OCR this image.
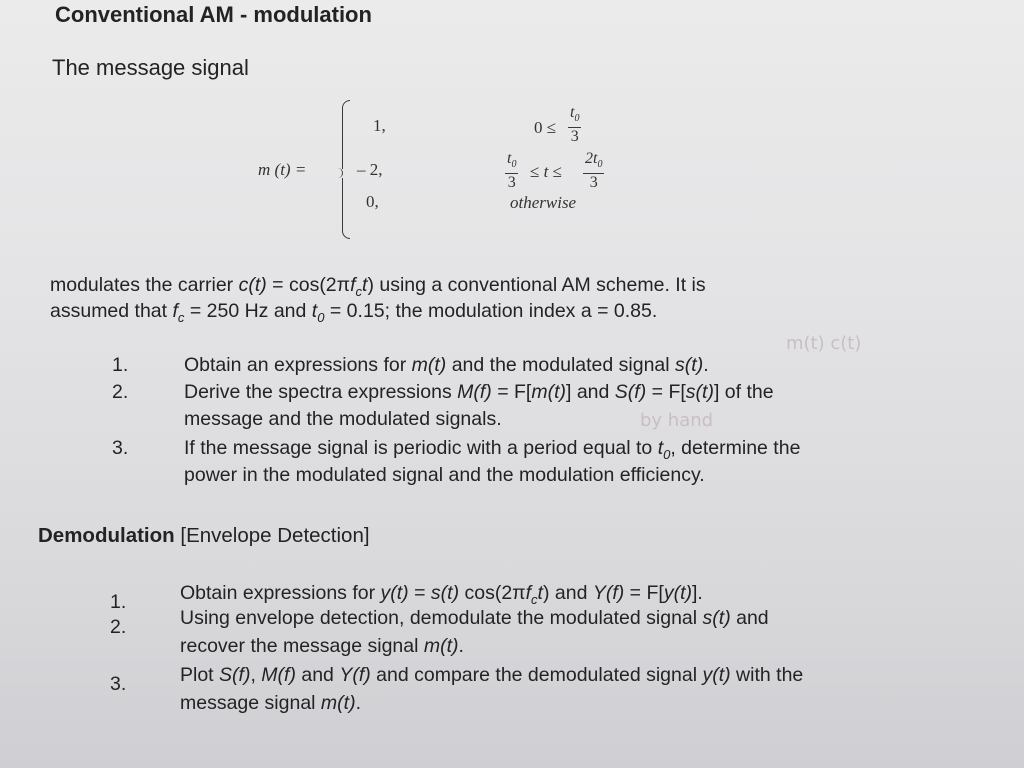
Conventional AM - modulation
The message signal
m (t) =
1,
– 2,
0,
$0 \le \frac{t_0}{3}$
$\frac{t_0}{3} \le t \le \frac{2t_0}{3}$
otherwise
modulates the carrier $c(t) = \cos(2\pi f_ct)$ using a conventional AM scheme. It is
assumed that $f_c = 250$ Hz and $t_0 = 0.15$; the modulation index a = 0.85.
1.	Obtain an expressions for m(t) and the modulated signal s(t).
2.	Derive the spectra expressions M(f) = F[m(t)] and S(f) = F[s(t)] of the
message and the modulated signals.
3.	If the message signal is periodic with a period equal to $t_0$, determine the
power in the modulated signal and the modulation efficiency.
Demodulation [Envelope Detection]
1.	Obtain expressions for y(t) = s(t) $\cos(2\pi f_ct)$ and Y(f) = F[y(t)].
2.	Using envelope detection, demodulate the modulated signal s(t) and
recover the message signal m(t).
3.	Plot S(f), M(f) and Y(f) and compare the demodulated signal y(t) with the
message signal m(t).
m(t) c(t)
by hand
